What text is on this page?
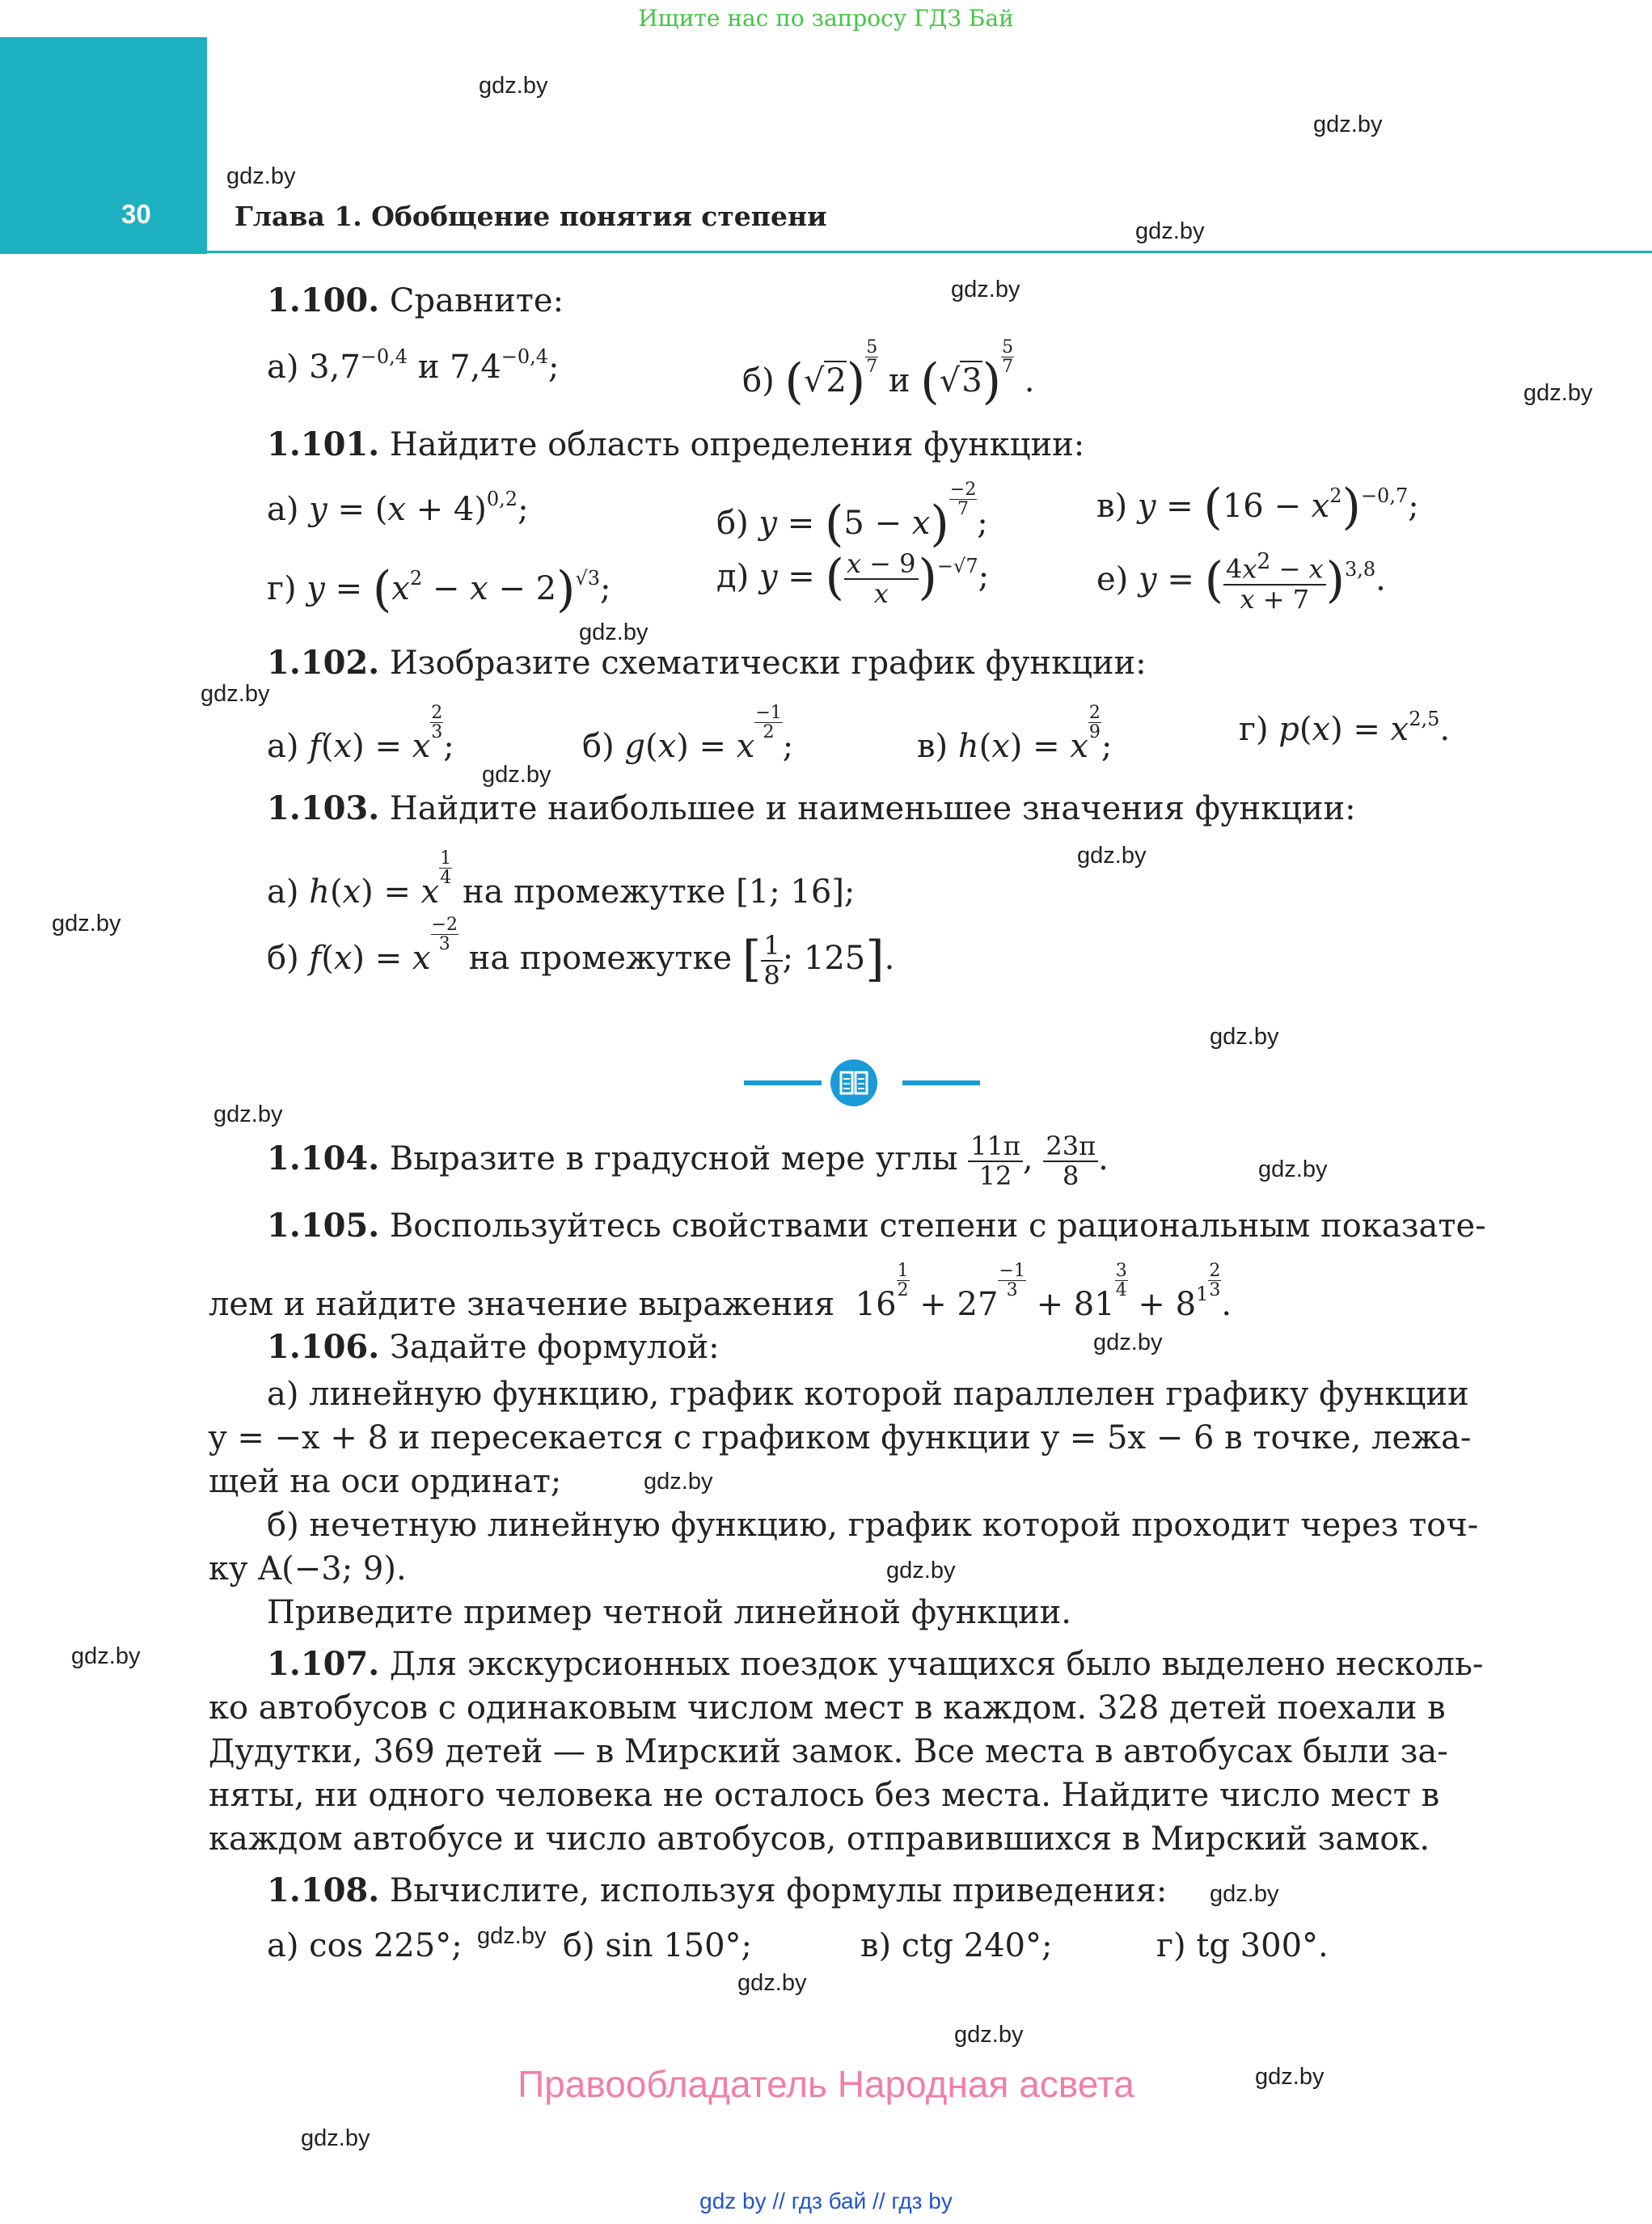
Ищите нас по запросу ГДЗ Бай
30	Глава 1. Обобщение понятия степени
gdz.by
gdz.by
gdz.by
gdz.by
gdz.by
gdz.by
gdz.by
gdz.by
gdz.by
gdz.by
gdz.by
gdz.by
gdz.by
gdz.by
gdz.by
gdz.by
gdz.by
gdz.by
gdz.by
gdz.by
gdz.by
gdz.by
gdz.by
gdz.by
1.100. Сравните:
а) $3,7^{-0,4}$ и $7,4^{-0,4}$;	б) $(√2) \frac{5}{7}$
и $(√3) \frac{5}{7}$
.
1.101. Найдите область определения функции:
а) $y = (x + 4)^{0,2}$;	б) $y = (5 - x) \frac{-2}{7}$
;	в) $y = (16 - x^2)^{-0,7}$;
г) $y = (x^2 - x - 2)^{√3}$;	д) y = ( $\frac{x - 9}{x} )^{-√7}$;	е) y = ( $\frac{4x^2 - x}{x + 7} )^{3,8}$.
1.102. Изобразите схематически график функции:
а) f(x) = x
$\frac{2}{3}$
;	б) g(x) = x
$\frac{-1}{2}$
;	в) h(x) = x
$\frac{2}{9}$
;	г) $p(x) = x^{2,5}$.
1.103. Найдите наибольшее и наименьшее значения функции:
а) h(x) = x
$\frac{1}{4}$
на промежутке [1; 16];
б) f(x) = x
$\frac{-2}{3}$
на промежутке [ $\frac{1}{8}$ ; 125].
1.104. Выразите в градусной мере углы $\frac{11\pi}{12}$ , $\frac{23\pi}{8}$ .
1.105. Воспользуйтесь свойствами степени с рациональным показате-
лем и найдите значение выражения  16
$\frac{1}{2}$
+ 27
$\frac{-1}{3}$
+ 81
$\frac{3}{4}$
+ $8^1 \frac{2}{3}$
.
1.106. Задайте формулой:
а) линейную функцию, график которой параллелен графику функции
y = −x + 8 и пересекается с графиком функции y = 5x − 6 в точке, лежа-
щей на оси ординат;
б) нечетную линейную функцию, график которой проходит через точ-
ку A(−3; 9).
Приведите пример четной линейной функции.
1.107. Для экскурсионных поездок учащихся было выделено несколь-
ко автобусов с одинаковым числом мест в каждом. 328 детей поехали в
Дудутки, 369 детей — в Мирский замок. Все места в автобусах были за-
няты, ни одного человека не осталось без места. Найдите число мест в
каждом автобусе и число автобусов, отправившихся в Мирский замок.
1.108. Вычислите, используя формулы приведения:
а) cos 225°;	б) sin 150°;	в) ctg 240°;	г) tg 300°.
Правообладатель Народная асвета
gdz by // гдз бай // гдз by
